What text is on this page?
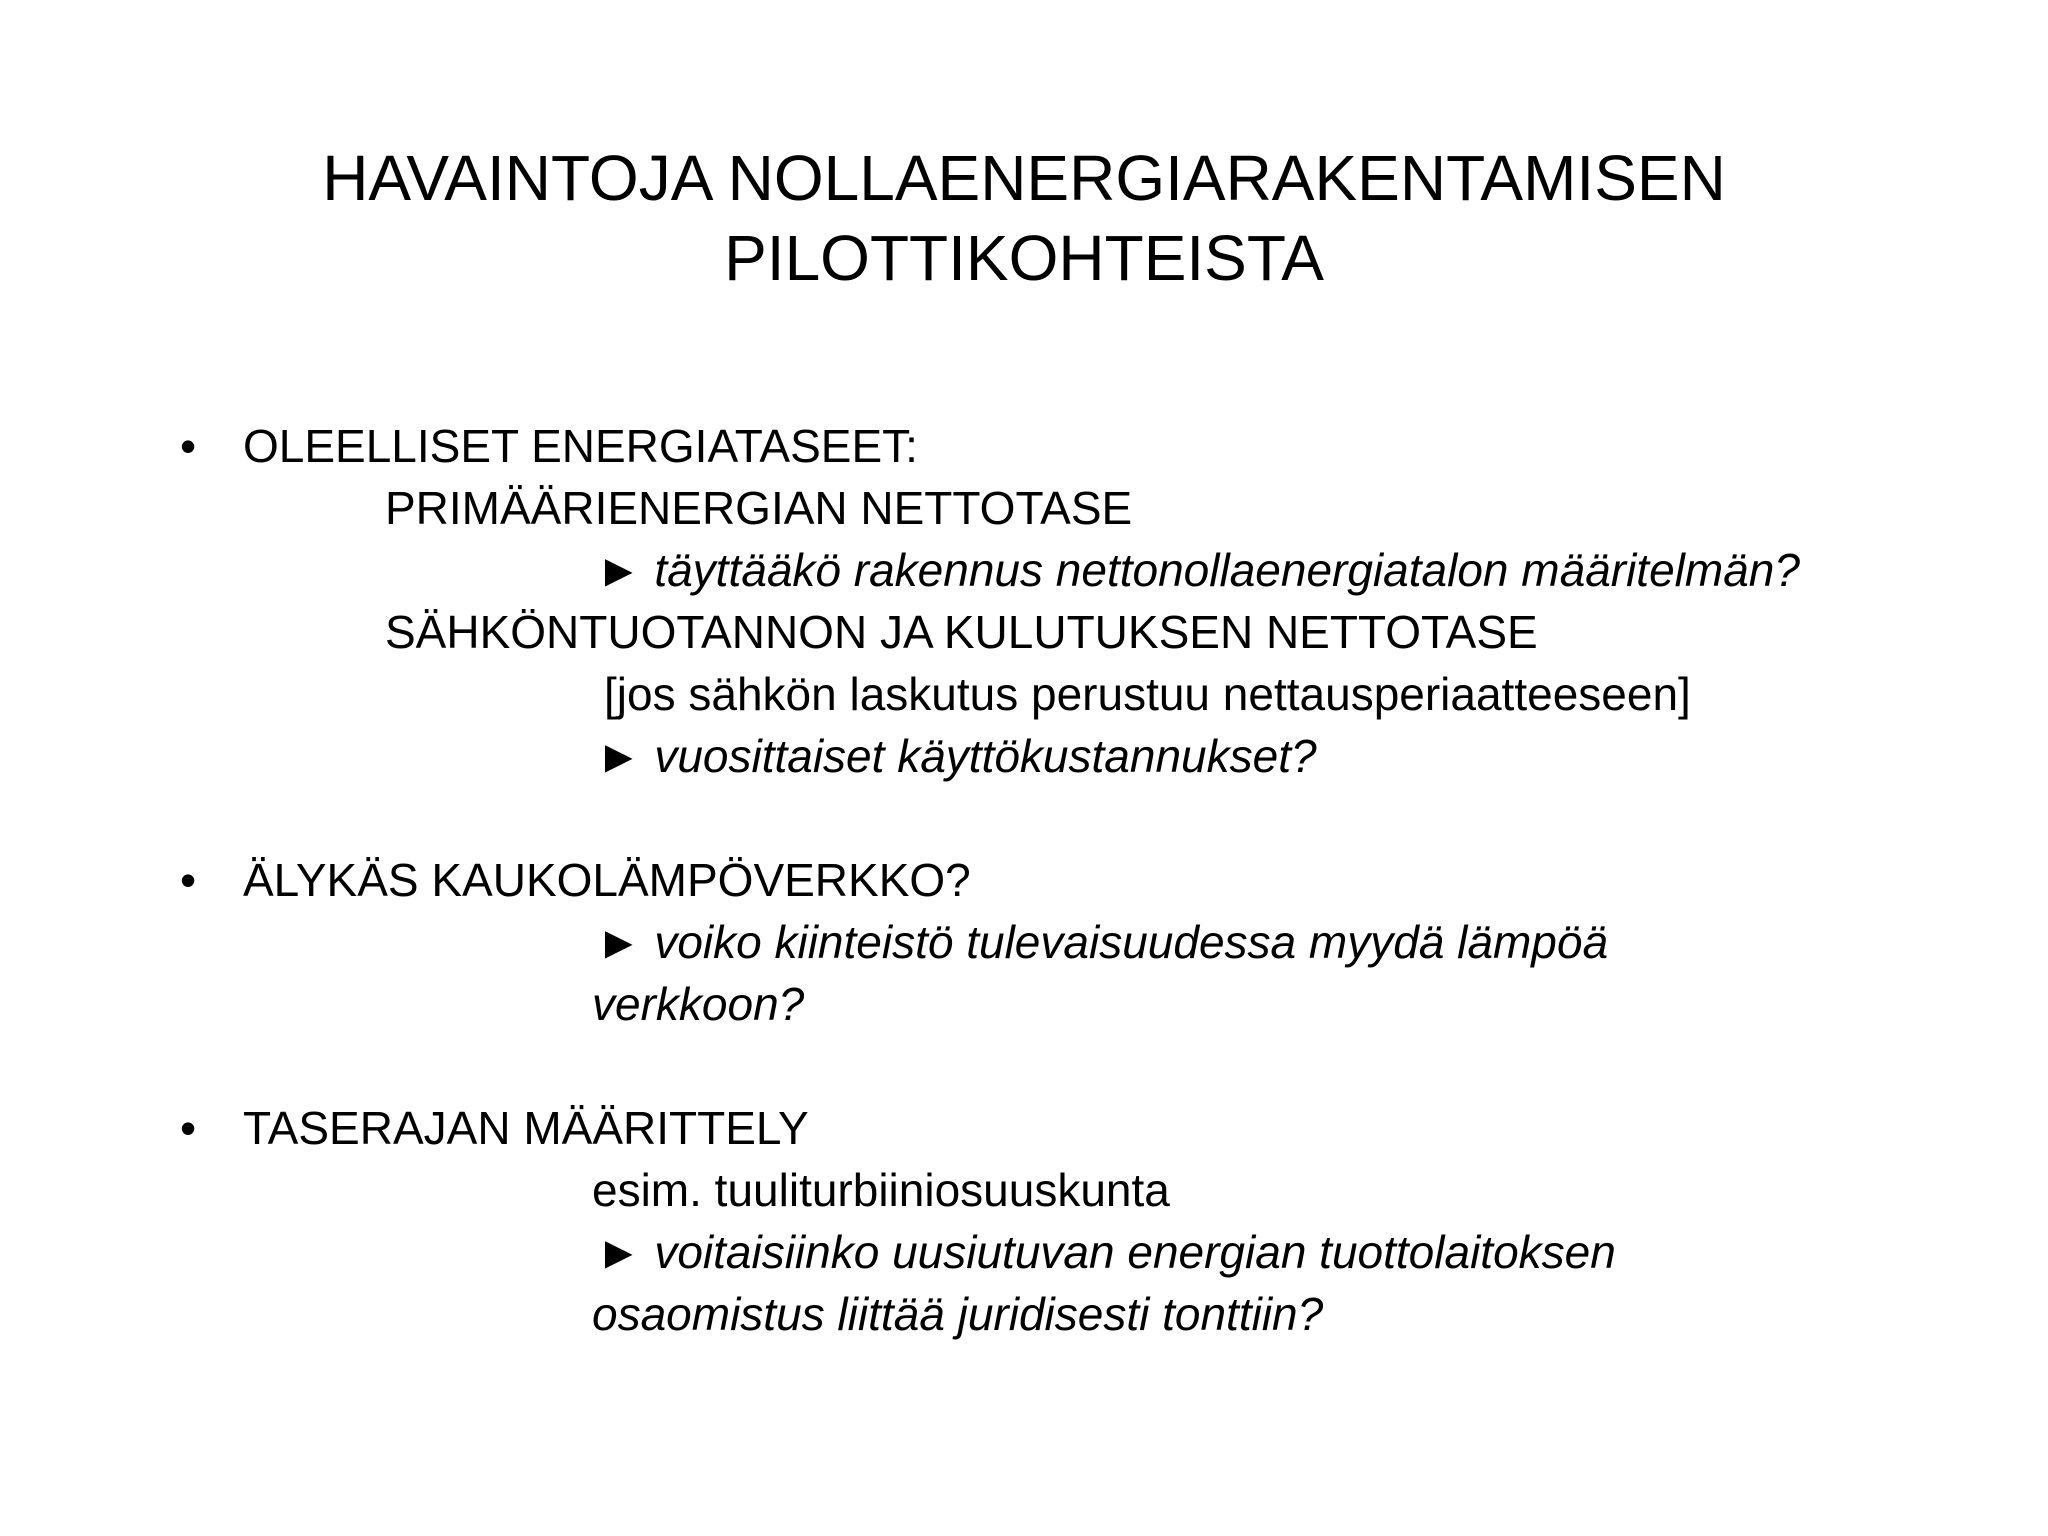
HAVAINTOJA NOLLAENERGIARAKENTAMISEN
PILOTTIKOHTEISTA
• OLEELLISET ENERGIATASEET:
PRIMÄÄRIENERGIAN NETTOTASE
► täyttääkö rakennus nettonollaenergiatalon määritelmän?
SÄHKÖNTUOTANNON JA KULUTUKSEN NETTOTASE
[jos sähkön laskutus perustuu nettausperiaatteeseen]
► vuosittaiset käyttökustannukset?
• ÄLYKÄS KAUKOLÄMPÖVERKKO?
► voiko kiinteistö tulevaisuudessa myydä lämpöä
verkkoon?
• TASERAJAN MÄÄRITTELY
esim. tuuliturbiiniosuuskunta
► voitaisiinko uusiutuvan energian tuottolaitoksen
osaomistus liittää juridisesti tonttiin?
